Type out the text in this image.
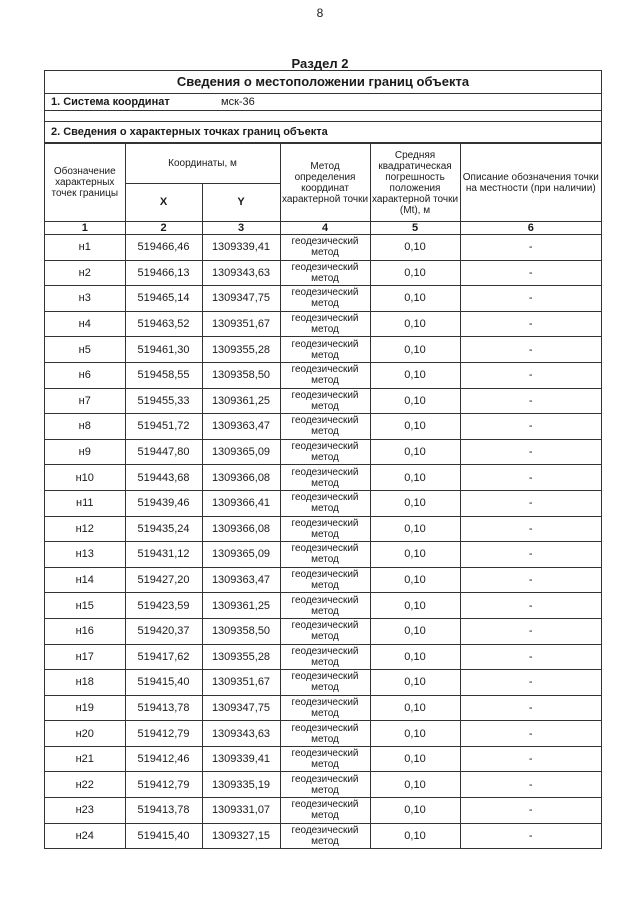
8
Раздел 2
Сведения о местоположении границ объекта
1. Система координат	мск-36
2. Сведения о характерных точках границ объекта
Обозначение характерных точек границы	Координаты, м		Метод определения координат характерной точки	Средняя квадратическая погрешность положения характерной точки (Mt), м	Описание обозначения точки на местности (при наличии)
	X	Y			
1	2	3	4	5	6
н1	519466,46	1309339,41	геодезический метод	0,10	-
н2	519466,13	1309343,63	геодезический метод	0,10	-
н3	519465,14	1309347,75	геодезический метод	0,10	-
н4	519463,52	1309351,67	геодезический метод	0,10	-
н5	519461,30	1309355,28	геодезический метод	0,10	-
н6	519458,55	1309358,50	геодезический метод	0,10	-
н7	519455,33	1309361,25	геодезический метод	0,10	-
н8	519451,72	1309363,47	геодезический метод	0,10	-
н9	519447,80	1309365,09	геодезический метод	0,10	-
н10	519443,68	1309366,08	геодезический метод	0,10	-
н11	519439,46	1309366,41	геодезический метод	0,10	-
н12	519435,24	1309366,08	геодезический метод	0,10	-
н13	519431,12	1309365,09	геодезический метод	0,10	-
н14	519427,20	1309363,47	геодезический метод	0,10	-
н15	519423,59	1309361,25	геодезический метод	0,10	-
н16	519420,37	1309358,50	геодезический метод	0,10	-
н17	519417,62	1309355,28	геодезический метод	0,10	-
н18	519415,40	1309351,67	геодезический метод	0,10	-
н19	519413,78	1309347,75	геодезический метод	0,10	-
н20	519412,79	1309343,63	геодезический метод	0,10	-
н21	519412,46	1309339,41	геодезический метод	0,10	-
н22	519412,79	1309335,19	геодезический метод	0,10	-
н23	519413,78	1309331,07	геодезический метод	0,10	-
н24	519415,40	1309327,15	геодезический метод	0,10	-
